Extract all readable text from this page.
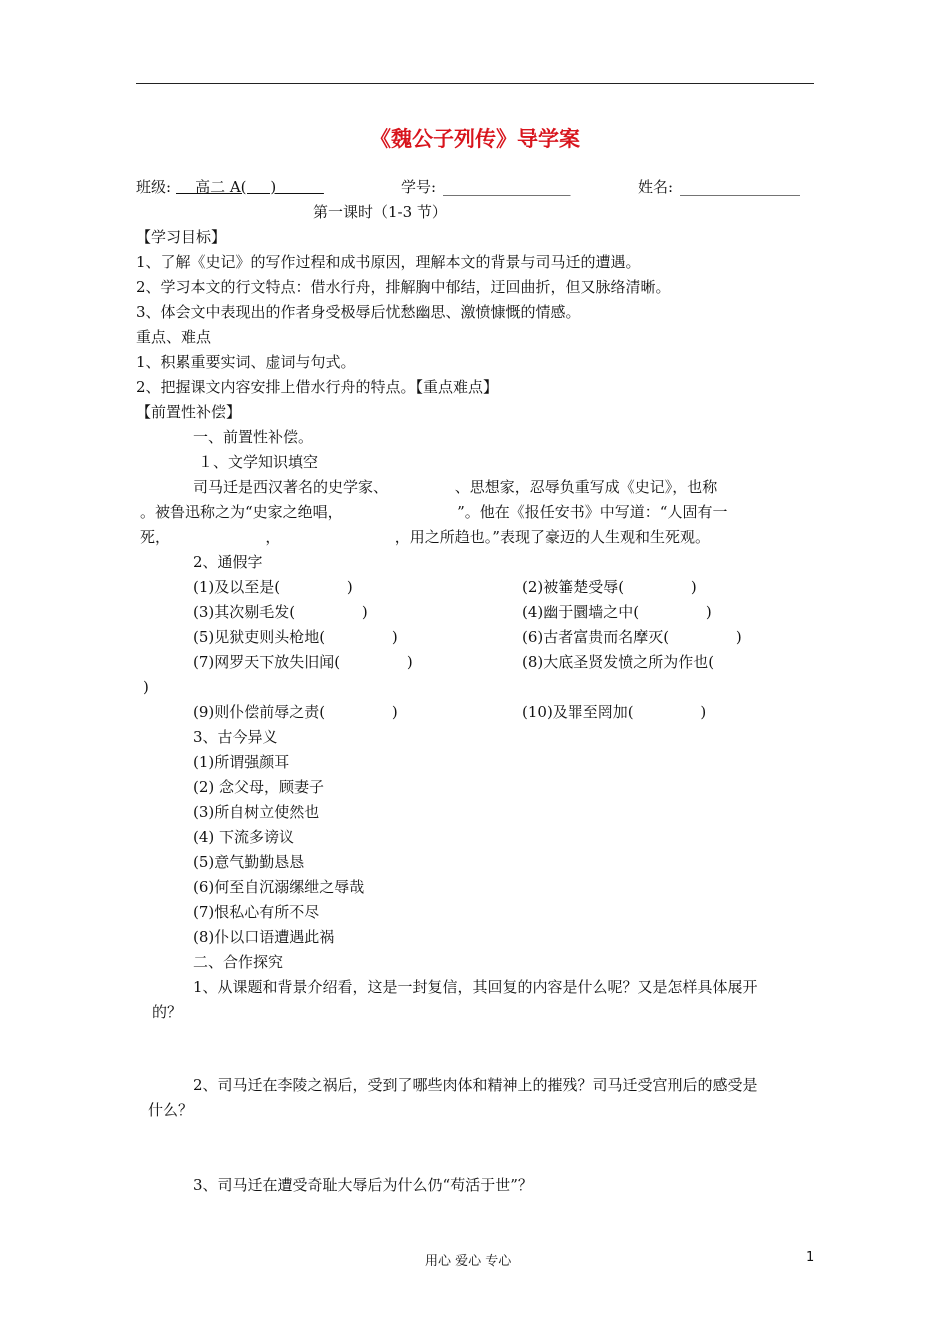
《魏公子列传》导学案
班级: 高二 A(     )	学号: _________________	姓名: ________________
第一课时（1-3 节）
【学习目标】
1、了解《史记》的写作过程和成书原因，理解本文的背景与司马迁的遭遇。
2、学习本文的行文特点：借水行舟，排解胸中郁结，迂回曲折，但又脉络清晰。
3、体会文中表现出的作者身受极辱后忧愁幽思、激愤慷慨的情感。
重点、难点
1、积累重要实词、虚词与句式。
2、把握课文内容安排上借水行舟的特点。【重点难点】
【前置性补偿】
一、前置性补偿。
１、文学知识填空
司马迁是西汉著名的史学家、              、思想家，忍辱负重写成《史记》，也称
。被鲁迅称之为“史家之绝唱，                        ”。他在《报任安书》中写道：“人固有一
死，                    ，                        ，用之所趋也。”表现了豪迈的人生观和生死观。
2、通假字
(1)及以至是(              )	(2)被箠楚受辱(              )
(3)其次剔毛发(              )	(4)幽于圜墙之中(              )
(5)见狱吏则头枪地(              )	(6)古者富贵而名摩灭(              )
(7)网罗天下放失旧闻(              )	(8)大底圣贤发愤之所为作也(
)
(9)则仆偿前辱之责(              )	(10)及罪至罔加(              )
3、古今异义
(1)所谓强颜耳
(2) 念父母，顾妻子
(3)所自树立使然也
(4) 下流多谤议
(5)意气勤勤恳恳
(6)何至自沉溺缧绁之辱哉
(7)恨私心有所不尽
(8)仆以口语遭遇此祸
二、合作探究
1、从课题和背景介绍看，这是一封复信，其回复的内容是什么呢？又是怎样具体展开
的？
2、司马迁在李陵之祸后，受到了哪些肉体和精神上的摧残？司马迁受宫刑后的感受是
什么？
3、司马迁在遭受奇耻大辱后为什么仍“苟活于世”？
用心 爱心 专心	1
